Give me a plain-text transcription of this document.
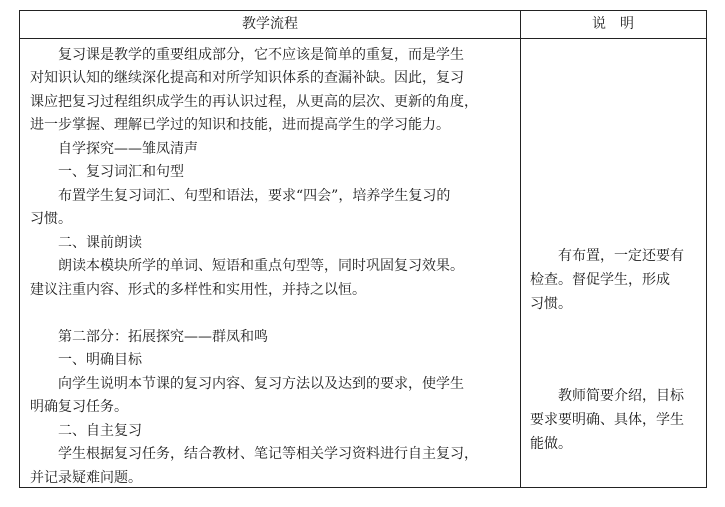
教学流程	说明
　　复习课是教学的重要组成部分，它不应该是简单的重复，而是学生
对知识认知的继续深化提高和对所学知识体系的查漏补缺。因此，复习
课应把复习过程组织成学生的再认识过程，从更高的层次、更新的角度，
进一步掌握、理解已学过的知识和技能，进而提高学生的学习能力。
　　自学探究——雏凤清声
　　一、复习词汇和句型
　　布置学生复习词汇、句型和语法，要求“四会”，培养学生复习的
习惯。
　　二、课前朗读
　　朗读本模块所学的单词、短语和重点句型等，同时巩固复习效果。
建议注重内容、形式的多样性和实用性，并持之以恒。
　　第二部分：拓展探究——群凤和鸣
　　一、明确目标
　　向学生说明本节课的复习内容、复习方法以及达到的要求，使学生
明确复习任务。
　　二、自主复习
　　学生根据复习任务，结合教材、笔记等相关学习资料进行自主复习，
并记录疑难问题。
　　有布置，一定还要有
检查。督促学生，形成
习惯。
　　教师简要介绍，目标
要求要明确、具体，学生
能做。
